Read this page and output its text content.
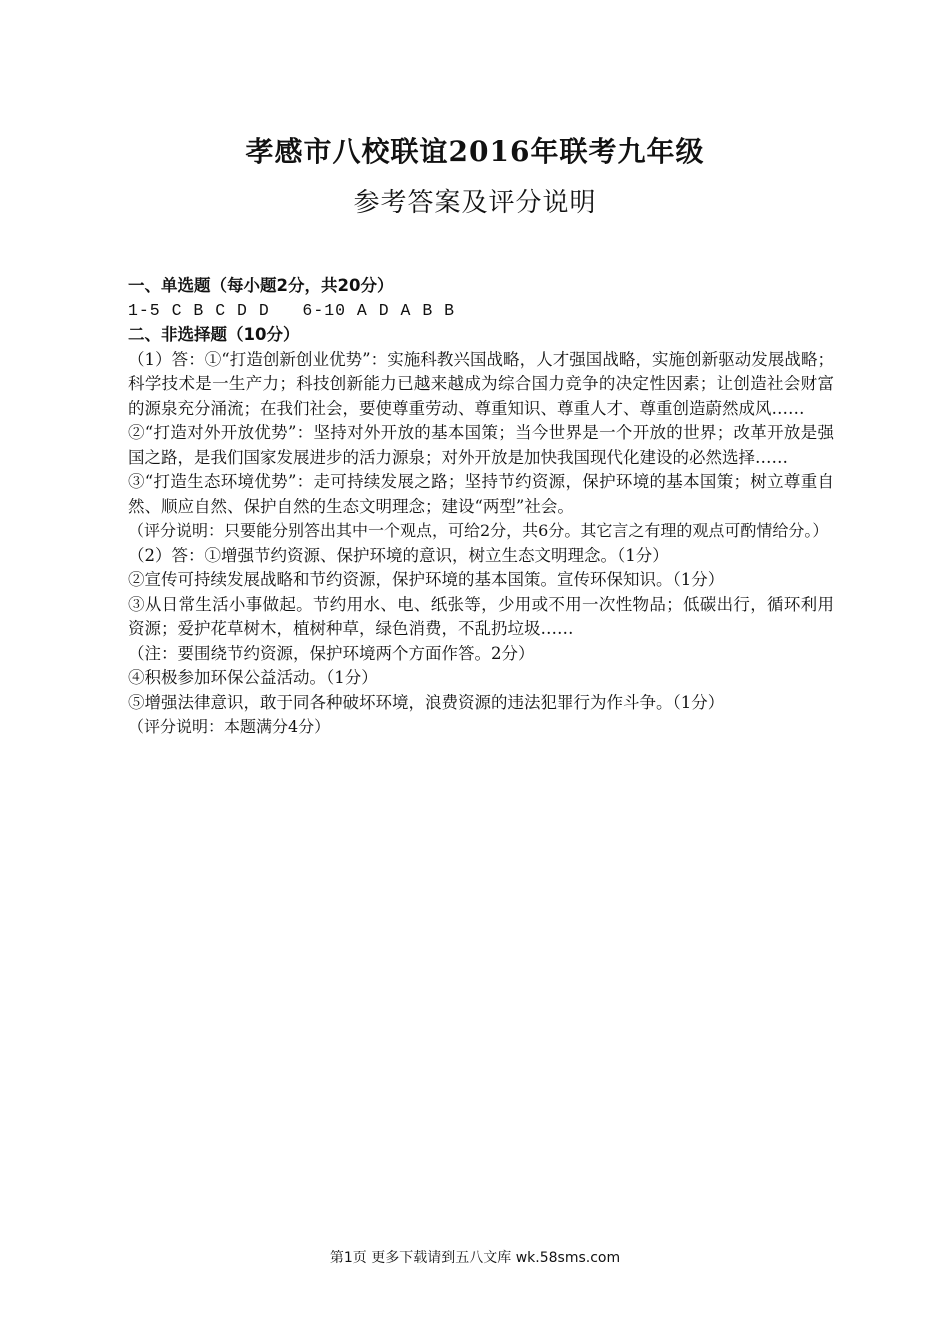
孝感市八校联谊2016年联考九年级
参考答案及评分说明

一、单选题（每小题2分，共20分）

1-5 C B C D D   6-10 A D A B B

二、非选择题（10分）

（1）答：①“打造创新创业优势”：实施科教兴国战略，人才强国战略，实施创新驱动发展战略；科学技术是一生产力；科技创新能力已越来越成为综合国力竞争的决定性因素；让创造社会财富的源泉充分涌流；在我们社会，要使尊重劳动、尊重知识、尊重人才、尊重创造蔚然成风……

②“打造对外开放优势”：坚持对外开放的基本国策；当今世界是一个开放的世界；改革开放是强国之路，是我们国家发展进步的活力源泉；对外开放是加快我国现代化建设的必然选择……

③“打造生态环境优势”：走可持续发展之路；坚持节约资源，保护环境的基本国策；树立尊重自然、顺应自然、保护自然的生态文明理念；建设“两型”社会。

（评分说明：只要能分别答出其中一个观点，可给2分，共6分。其它言之有理的观点可酌情给分。）

（2）答：①增强节约资源、保护环境的意识，树立生态文明理念。（1分）

②宣传可持续发展战略和节约资源，保护环境的基本国策。宣传环保知识。（1分）

③从日常生活小事做起。节约用水、电、纸张等，少用或不用一次性物品；低碳出行，循环利用资源；爱护花草树木，植树种草，绿色消费，不乱扔垃圾……

（注：要围绕节约资源，保护环境两个方面作答。2分）

④积极参加环保公益活动。（1分）

⑤增强法律意识，敢于同各种破坏环境，浪费资源的违法犯罪行为作斗争。（1分）

（评分说明：本题满分4分）

第1页 更多下载请到五八文库 wk.58sms.com
